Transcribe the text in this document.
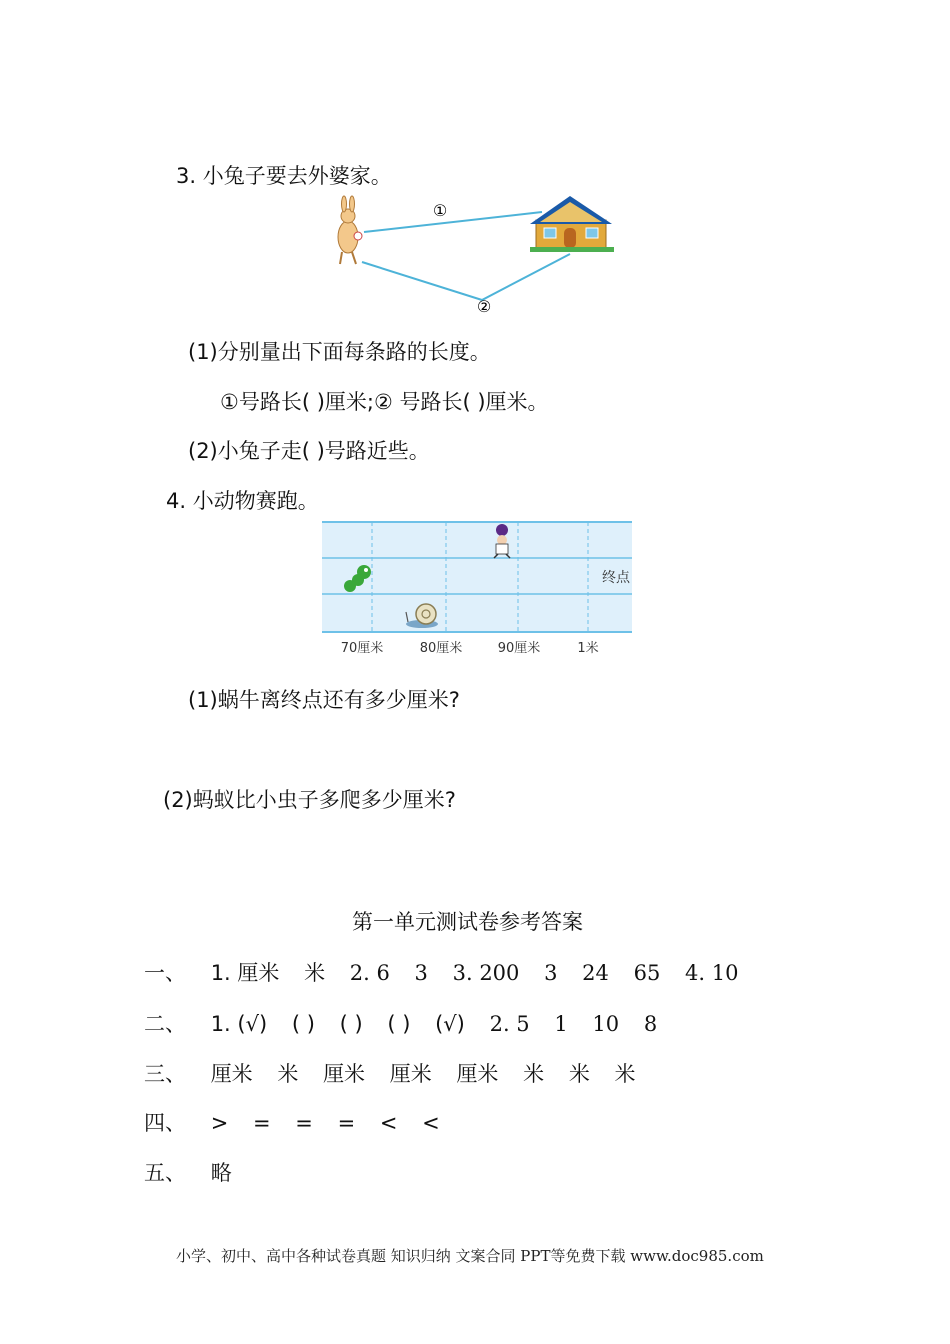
3. 小兔子要去外婆家。
①
②
(1)分别量出下面每条路的长度。
①号路长( )厘米;② 号路长( )厘米。
(2)小兔子走( )号路近些。
4. 小动物赛跑。
终点
70厘米	80厘米	90厘米	1米
(1)蜗牛离终点还有多少厘米?
(2)蚂蚁比小虫子多爬多少厘米?
第一单元测试卷参考答案
一、 1. 厘米 米 2. 6 3 3. 200 3 24 65 4. 10
二、 1. (√) ( ) ( ) ( ) (√) 2. 5 1 10 8
三、 厘米 米 厘米 厘米 厘米 米 米 米
四、 > = = = < <
五、 略
小学、初中、高中各种试卷真题 知识归纳 文案合同 PPT等免费下载 www.doc985.com
